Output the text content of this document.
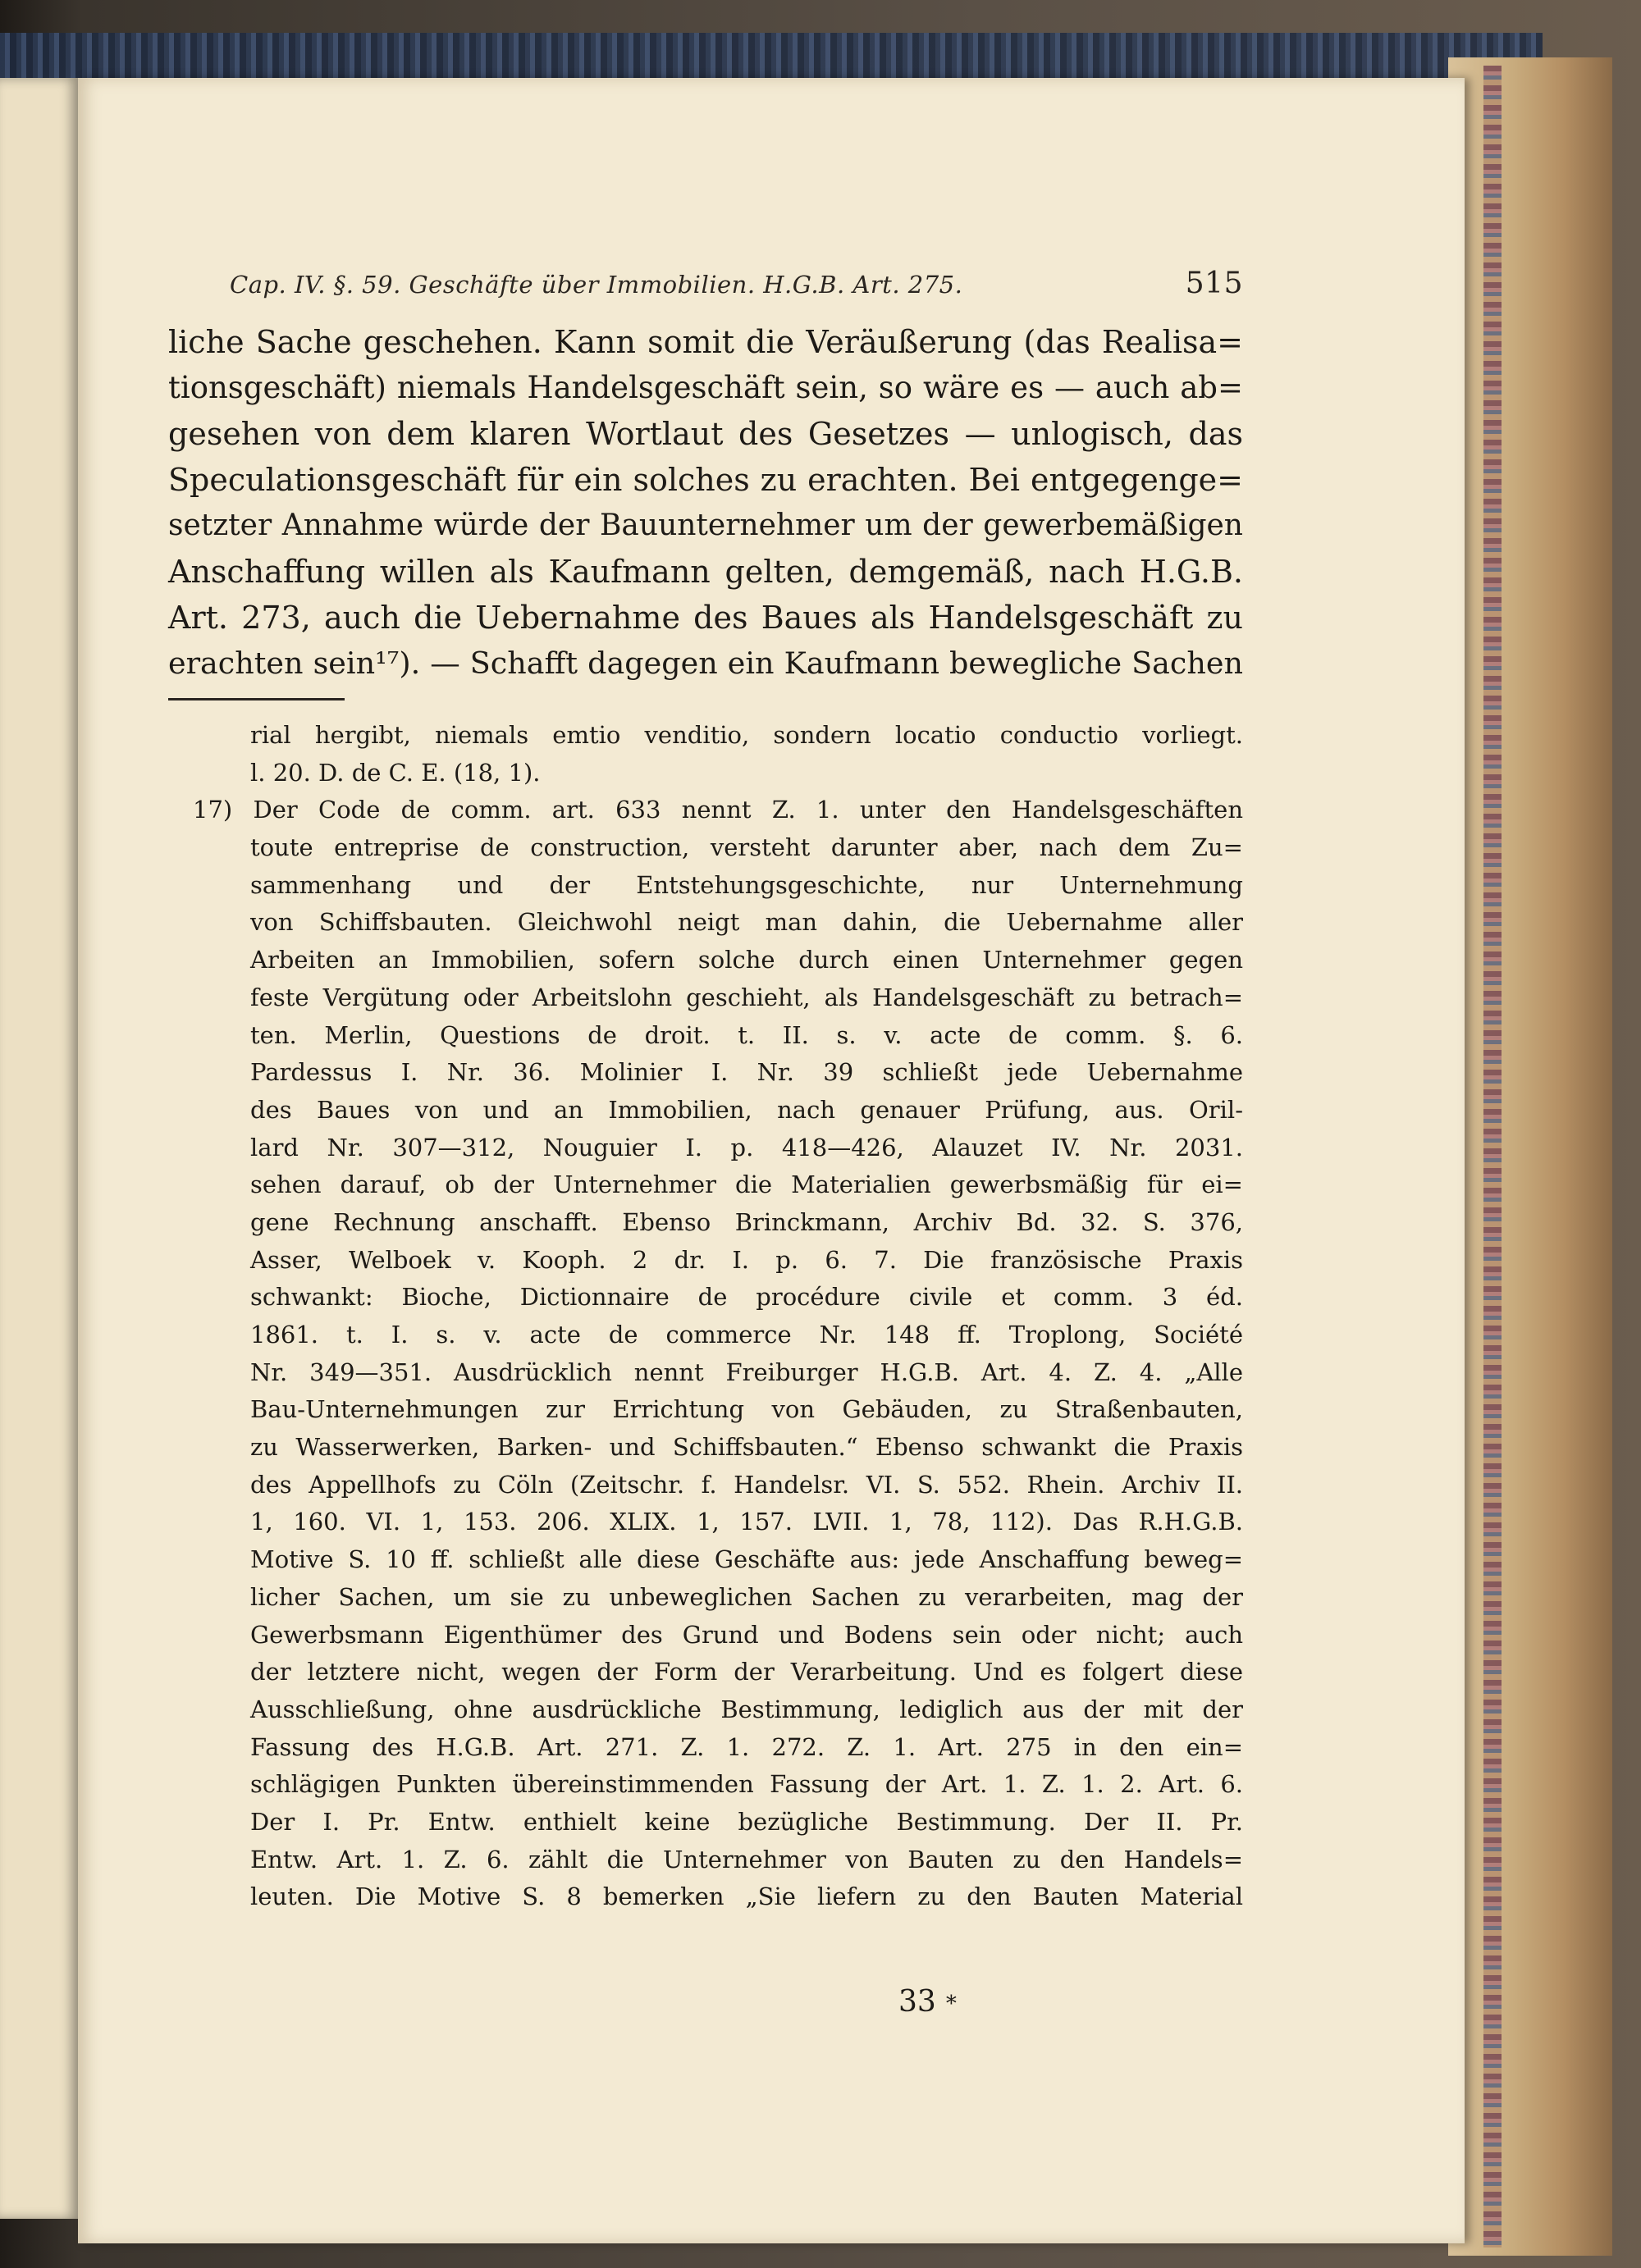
Cap. IV. §. 59. Geschäfte über Immobilien. H.G.B. Art. 275.	515
liche Sache geschehen. Kann somit die Veräußerung (das Realisa=
tionsgeschäft) niemals Handelsgeschäft sein, so wäre es — auch ab=
gesehen von dem klaren Wortlaut des Gesetzes — unlogisch, das
Speculationsgeschäft für ein solches zu erachten. Bei entgegenge=
setzter Annahme würde der Bauunternehmer um der gewerbemäßigen
Anschaffung willen als Kaufmann gelten, demgemäß, nach H.G.B.
Art. 273, auch die Uebernahme des Baues als Handelsgeschäft zu
erachten sein¹⁷). — Schafft dagegen ein Kaufmann bewegliche Sachen
rial hergibt, niemals emtio venditio, sondern locatio conductio vorliegt.
l. 20. D. de C. E. (18, 1).
17) Der Code de comm. art. 633 nennt Z. 1. unter den Handelsgeschäften
toute entreprise de construction, versteht darunter aber, nach dem Zu=
sammenhang und der Entstehungsgeschichte, nur Unternehmung
von Schiffsbauten. Gleichwohl neigt man dahin, die Uebernahme aller
Arbeiten an Immobilien, sofern solche durch einen Unternehmer gegen
feste Vergütung oder Arbeitslohn geschieht, als Handelsgeschäft zu betrach=
ten. Merlin, Questions de droit. t. II. s. v. acte de comm. §. 6.
Pardessus I. Nr. 36. Molinier I. Nr. 39 schließt jede Uebernahme
des Baues von und an Immobilien, nach genauer Prüfung, aus. Oril-
lard Nr. 307—312, Nouguier I. p. 418—426, Alauzet IV. Nr. 2031.
sehen darauf, ob der Unternehmer die Materialien gewerbsmäßig für ei=
gene Rechnung anschafft. Ebenso Brinckmann, Archiv Bd. 32. S. 376,
Asser, Welboek v. Kooph. 2 dr. I. p. 6. 7. Die französische Praxis
schwankt: Bioche, Dictionnaire de procédure civile et comm. 3 éd.
1861. t. I. s. v. acte de commerce Nr. 148 ff. Troplong, Société
Nr. 349—351. Ausdrücklich nennt Freiburger H.G.B. Art. 4. Z. 4. „Alle
Bau-Unternehmungen zur Errichtung von Gebäuden, zu Straßenbauten,
zu Wasserwerken, Barken- und Schiffsbauten.“ Ebenso schwankt die Praxis
des Appellhofs zu Cöln (Zeitschr. f. Handelsr. VI. S. 552. Rhein. Archiv II.
1, 160. VI. 1, 153. 206. XLIX. 1, 157. LVII. 1, 78, 112). Das R.H.G.B.
Motive S. 10 ff. schließt alle diese Geschäfte aus: jede Anschaffung beweg=
licher Sachen, um sie zu unbeweglichen Sachen zu verarbeiten, mag der
Gewerbsmann Eigenthümer des Grund und Bodens sein oder nicht; auch
der letztere nicht, wegen der Form der Verarbeitung. Und es folgert diese
Ausschließung, ohne ausdrückliche Bestimmung, lediglich aus der mit der
Fassung des H.G.B. Art. 271. Z. 1. 272. Z. 1. Art. 275 in den ein=
schlägigen Punkten übereinstimmenden Fassung der Art. 1. Z. 1. 2. Art. 6.
Der I. Pr. Entw. enthielt keine bezügliche Bestimmung. Der II. Pr.
Entw. Art. 1. Z. 6. zählt die Unternehmer von Bauten zu den Handels=
leuten. Die Motive S. 8 bemerken „Sie liefern zu den Bauten Material
33 *
